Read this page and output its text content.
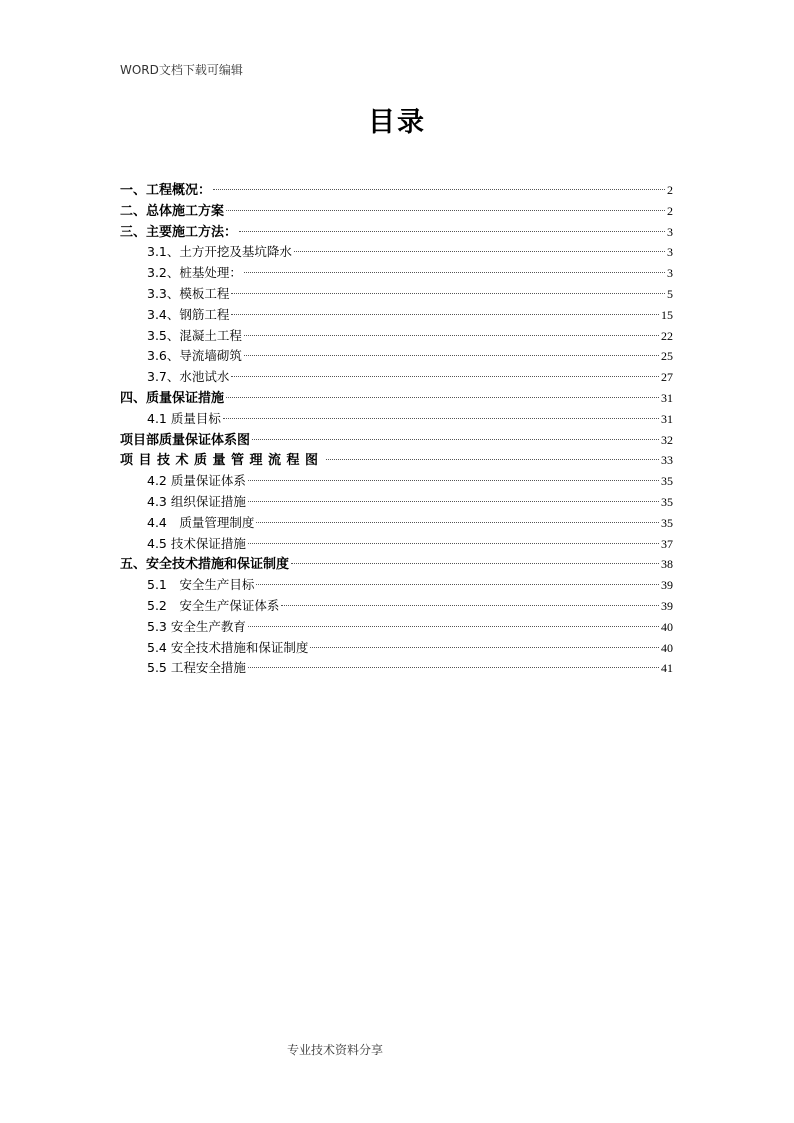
WORD文档下载可编辑
目录
一、工程概况：	2
二、总体施工方案	2
三、主要施工方法：	3
3.1、土方开挖及基坑降水	3
3.2、桩基处理：	3
3.3、模板工程	5
3.4、钢筋工程	15
3.5、混凝土工程	22
3.6、导流墙砌筑	25
3.7、水池试水	27
四、质量保证措施	31
4.1 质量目标	31
项目部质量保证体系图	32
项目技术质量管理流程图	33
4.2 质量保证体系	35
4.3 组织保证措施	35
4.4　质量管理制度	35
4.5 技术保证措施	37
五、安全技术措施和保证制度	38
5.1　安全生产目标	39
5.2　安全生产保证体系	39
5.3 安全生产教育	40
5.4 安全技术措施和保证制度	40
5.5 工程安全措施	41
专业技术资料分享
